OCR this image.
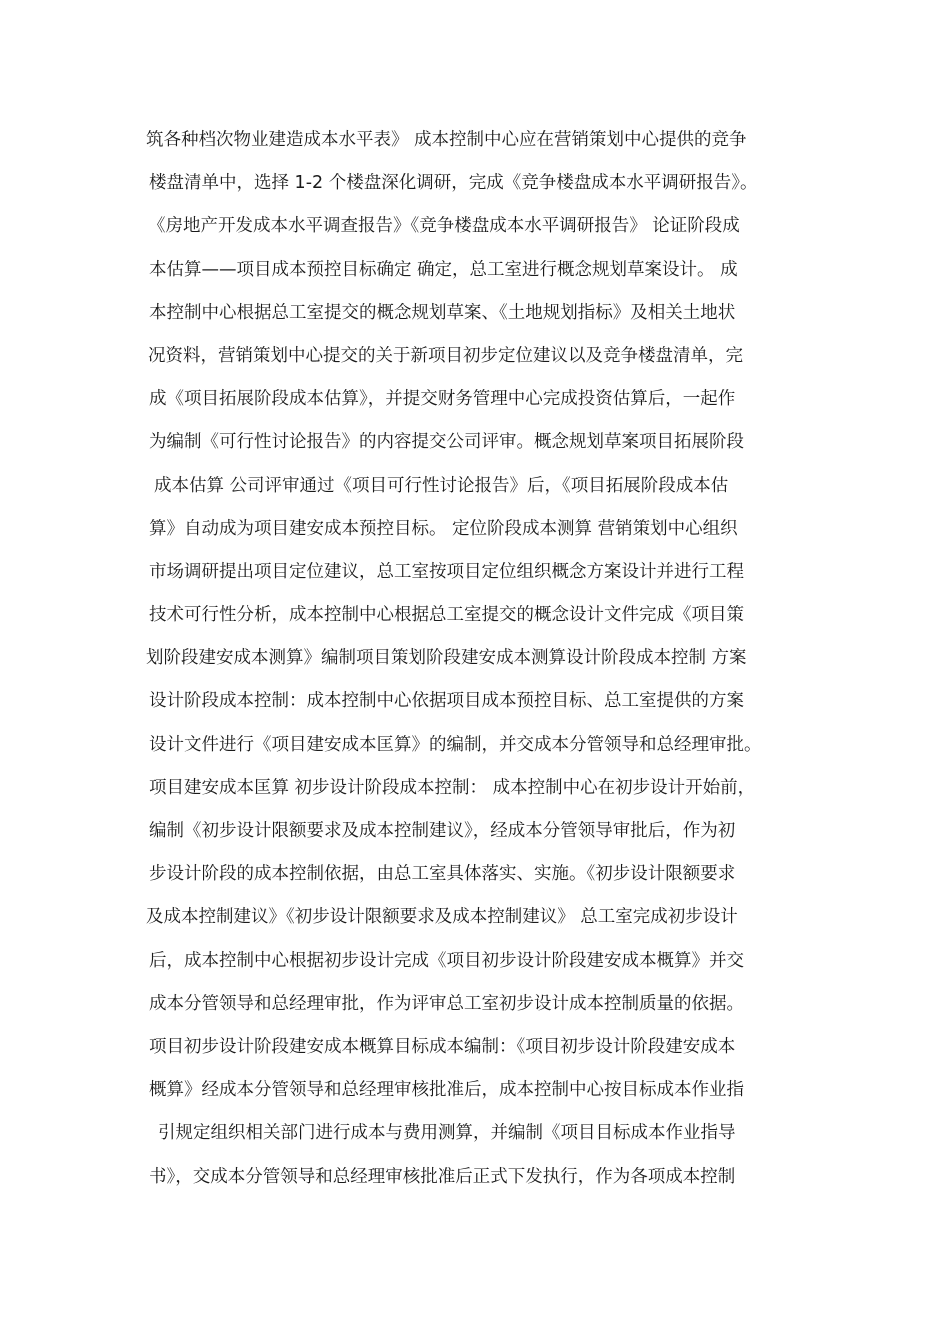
筑各种档次物业建造成本水平表》 成本控制中心应在营销策划中心提供的竞争
楼盘清单中，选择 1-2 个楼盘深化调研，完成《竞争楼盘成本水平调研报告》。
《房地产开发成本水平调查报告》《竞争楼盘成本水平调研报告》 论证阶段成
本估算——项目成本预控目标确定 确定，总工室进行概念规划草案设计。 成
本控制中心根据总工室提交的概念规划草案、《土地规划指标》及相关土地状
况资料，营销策划中心提交的关于新项目初步定位建议以及竞争楼盘清单，完
成《项目拓展阶段成本估算》，并提交财务管理中心完成投资估算后，一起作
为编制《可行性讨论报告》的内容提交公司评审。概念规划草案项目拓展阶段
成本估算 公司评审通过《项目可行性讨论报告》后，《项目拓展阶段成本估
算》自动成为项目建安成本预控目标。 定位阶段成本测算 营销策划中心组织
市场调研提出项目定位建议，总工室按项目定位组织概念方案设计并进行工程
技术可行性分析，成本控制中心根据总工室提交的概念设计文件完成《项目策
划阶段建安成本测算》编制项目策划阶段建安成本测算设计阶段成本控制 方案
设计阶段成本控制：成本控制中心依据项目成本预控目标、总工室提供的方案
设计文件进行《项目建安成本匡算》的编制，并交成本分管领导和总经理审批。
项目建安成本匡算 初步设计阶段成本控制： 成本控制中心在初步设计开始前，
编制《初步设计限额要求及成本控制建议》，经成本分管领导审批后，作为初
步设计阶段的成本控制依据，由总工室具体落实、实施。《初步设计限额要求
及成本控制建议》《初步设计限额要求及成本控制建议》 总工室完成初步设计
后，成本控制中心根据初步设计完成《项目初步设计阶段建安成本概算》并交
成本分管领导和总经理审批，作为评审总工室初步设计成本控制质量的依据。
项目初步设计阶段建安成本概算目标成本编制：《项目初步设计阶段建安成本
概算》经成本分管领导和总经理审核批准后，成本控制中心按目标成本作业指
引规定组织相关部门进行成本与费用测算，并编制《项目目标成本作业指导
书》，交成本分管领导和总经理审核批准后正式下发执行，作为各项成本控制
